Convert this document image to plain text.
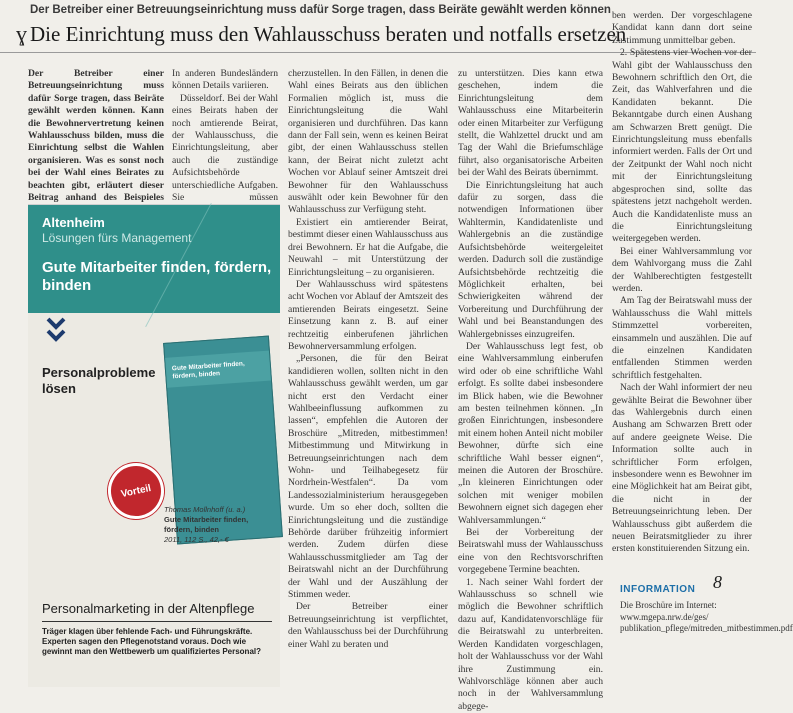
Der Betreiber einer Betreuungseinrichtung muss dafür Sorge tragen, dass Beiräte gewählt werden können
ɣ Die Einrichtung muss den Wahlausschuss beraten und notfalls ersetzen

Der Betreiber einer Betreuungseinrichtung muss dafür Sorge tragen, dass Beiräte gewählt werden können. Kann die Bewohnervertretung keinen Wahlausschuss bilden, muss die Einrichtung selbst die Wahlen organisieren. Was es sonst noch bei der Wahl eines Beirates zu beachten gibt, erläutert dieser Beitrag anhand des Beispieles

In anderen Bundesländern können Details variieren.

Düsseldorf. Bei der Wahl eines Beirats haben der noch amtierende Beirat, der Wahlausschuss, die Einrichtungsleitung, aber auch die zuständige Aufsichtsbehörde unterschiedliche Aufgaben. Sie müssen

Altenheim
Lösungen fürs Management
Gute Mitarbeiter finden, fördern, binden
Personalprobleme lösen
Gute Mitarbeiter finden, fördern, binden
Vorteil
Thomas Mollnhoff (u. a.)
Gute Mitarbeiter finden, fördern, binden
2011, 112 S., 42,- €
Personalmarketing in der Altenpflege
Träger klagen über fehlende Fach- und Führungskräfte. Experten sagen den Pflegenotstand voraus. Doch wie gewinnt man den Wettbewerb um qualifiziertes Personal?

cherzustellen. In den Fällen, in denen die Wahl eines Beirats aus den üblichen Formalien möglich ist, muss die Einrichtungsleitung die Wahl organisieren und durchführen. Das kann dann der Fall sein, wenn es keinen Beirat gibt, der einen Wahlausschuss stellen kann, der Beirat nicht zuletzt acht Wochen vor Ablauf seiner Amtszeit drei Bewohner für den Wahlausschuss auswählt oder kein Bewohner für den Wahlausschuss zur Verfügung steht.

Existiert ein amtierender Beirat, bestimmt dieser einen Wahlausschuss aus drei Bewohnern. Er hat die Aufgabe, die Neuwahl – mit Unterstützung der Einrichtungsleitung – zu organisieren.

Der Wahlausschuss wird spätestens acht Wochen vor Ablauf der Amtszeit des amtierenden Beirats eingesetzt. Seine Einsetzung kann z. B. auf einer rechtzeitig einberufenen jährlichen Bewohnerversammlung erfolgen.

„Personen, die für den Beirat kandidieren wollen, sollten nicht in den Wahlausschuss gewählt werden, um gar nicht erst den Verdacht einer Wahlbeeinflussung aufkommen zu lassen“, empfehlen die Autoren der Broschüre „Mitreden, mitbestimmen! Mitbestimmung und Mitwirkung in Betreuungseinrichtungen nach dem Wohn- und Teilhabegesetz für Nordrhein-Westfalen“. Da vom Landessozialministerium herausgegeben wurde. Um so eher doch, sollten die Einrichtungsleitung und die zuständige Behörde darüber frühzeitig informiert werden. Zudem dürfen diese Wahlausschussmitglieder am Tag der Beiratswahl nicht an der Durchführung der Wahl und der Auszählung der Stimmen weder.

Der Betreiber einer Betreuungseinrichtung ist verpflichtet, den Wahlausschuss bei der Durchführung einer Wahl zu beraten und

zu unterstützen. Dies kann etwa geschehen, indem die Einrichtungsleitung dem Wahlausschuss eine Mitarbeiterin oder einen Mitarbeiter zur Verfügung stellt, die Wahlzettel druckt und am Tag der Wahl die Briefumschläge führt, also organisatorische Arbeiten bei der Wahl des Beirats übernimmt.

Die Einrichtungsleitung hat auch dafür zu sorgen, dass die notwendigen Informationen über Wahltermin, Kandidatenliste und Wahlergebnis an die zuständige Aufsichtsbehörde weitergeleitet werden. Dadurch soll die zuständige Aufsichtsbehörde rechtzeitig die Möglichkeit erhalten, bei Schwierigkeiten während der Vorbereitung und Durchführung der Wahl und bei Beanstandungen des Wahlergebnisses einzugreifen.

Der Wahlausschuss legt fest, ob eine Wahlversammlung einberufen wird oder ob eine schriftliche Wahl erfolgt. Es sollte dabei insbesondere im Blick haben, wie die Bewohner am besten teilnehmen können. „In großen Einrichtungen, insbesondere mit einem hohen Anteil nicht mobiler Bewohner, dürfte sich eine schriftliche Wahl besser eignen“, meinen die Autoren der Broschüre. „In kleineren Einrichtungen oder solchen mit weniger mobilen Bewohnern eignet sich dagegen eher Wahlversammlungen.“

Bei der Vorbereitung der Beiratswahl muss der Wahlausschuss eine von den Rechtsvorschriften vorgegebene Termine beachten.

1. Nach seiner Wahl fordert der Wahlausschuss so schnell wie möglich die Bewohner schriftlich dazu auf, Kandidatenvorschläge für die Beiratswahl zu unterbreiten. Werden Kandidaten vorgeschlagen, holt der Wahlausschuss vor der Wahl ihre Zustimmung ein. Wahlvorschläge können aber auch noch in der Wahlversammlung abgege-

ben werden. Der vorgeschlagene Kandidat kann dann dort seine Zustimmung unmittelbar geben.

2. Spätestens vier Wochen vor der Wahl gibt der Wahlausschuss den Bewohnern schriftlich den Ort, die Zeit, das Wahlverfahren und die Kandidaten bekannt. Die Bekanntgabe durch einen Aushang am Schwarzen Brett genügt. Die Einrichtungsleitung muss ebenfalls informiert werden. Falls der Ort und der Zeitpunkt der Wahl noch nicht mit der Einrichtungsleitung abgesprochen sind, sollte das spätestens jetzt nachgeholt werden. Auch die Kandidatenliste muss an die Einrichtungsleitung weitergegeben werden.

Bei einer Wahlversammlung vor dem Wahlvorgang muss die Zahl der Wahlberechtigten festgestellt werden.

Am Tag der Beiratswahl muss der Wahlausschuss die Wahl mittels Stimmzettel vorbereiten, einsammeln und auszählen. Die auf die einzelnen Kandidaten entfallenden Stimmen werden schriftlich festgehalten.

Nach der Wahl informiert der neu gewählte Beirat die Bewohner über das Wahlergebnis durch einen Aushang am Schwarzen Brett oder auf andere geeignete Weise. Die Information sollte auch in schriftlicher Form erfolgen, insbesondere wenn es Bewohner im eine Möglichkeit hat am Beirat gibt, die nicht in der Betreuungseinrichtung leben. Der Wahlausschuss gibt außerdem die neuen Beiratsmitglieder zu ihrer ersten konstituierenden Sitzung ein.

8
INFORMATION
Die Broschüre im Internet: www.mgepa.nrw.de/ges/ publikation_pflege/mitreden_mitbestimmen.pdf
